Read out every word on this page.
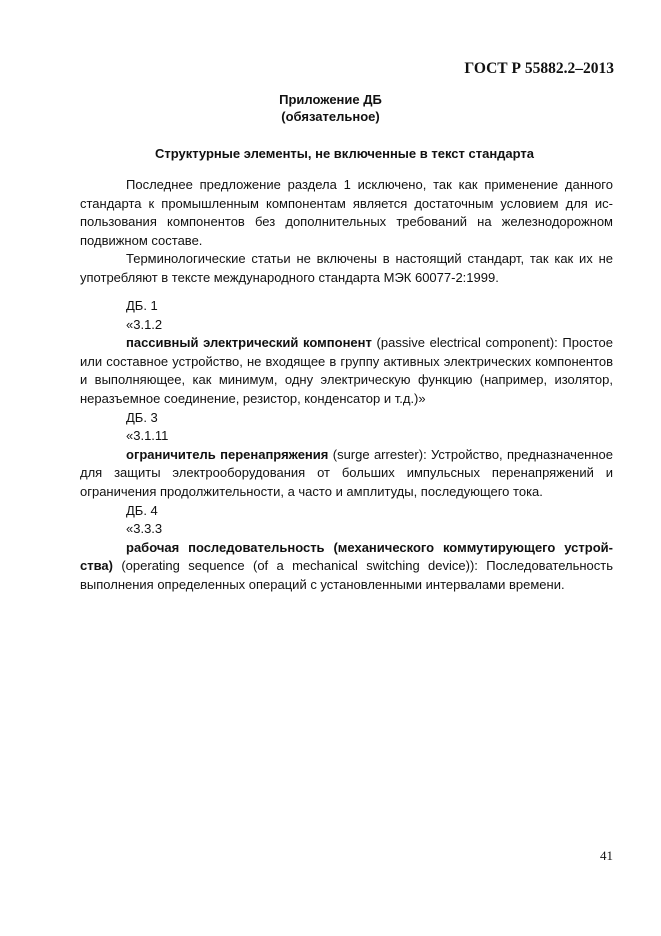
ГОСТ Р 55882.2–2013
Приложение ДБ
(обязательное)
Структурные элементы, не включенные в текст стандарта

Последнее предложение раздела 1 исключено, так как применение данного стандарта к промышленным компонентам является достаточным условием для использования компонентов без дополнительных требований на железнодорожном подвижном составе.

Терминологические статьи не включены в настоящий стандарт, так как их не употребляют в тексте международного стандарта МЭК 60077-2:1999.

ДБ. 1

«3.1.2

пассивный электрический компонент (passive electrical component): Простое или составное устройство, не входящее в группу активных электрических компонентов и выполняющее, как минимум, одну электрическую функцию (например, изолятор, неразъемное соединение, резистор, конденсатор и т.д.)»

ДБ. 3

«3.1.11

ограничитель перенапряжения (surge arrester): Устройство, предназначенное для защиты электрооборудования от больших импульсных перенапряжений и ограничения продолжительности, а часто и амплитуды, последующего тока.

ДБ. 4

«3.3.3

рабочая последовательность (механического коммутирующего устройства) (operating sequence (of a mechanical switching device)): Последовательность выполнения определенных операций с установленными интервалами времени.

41
